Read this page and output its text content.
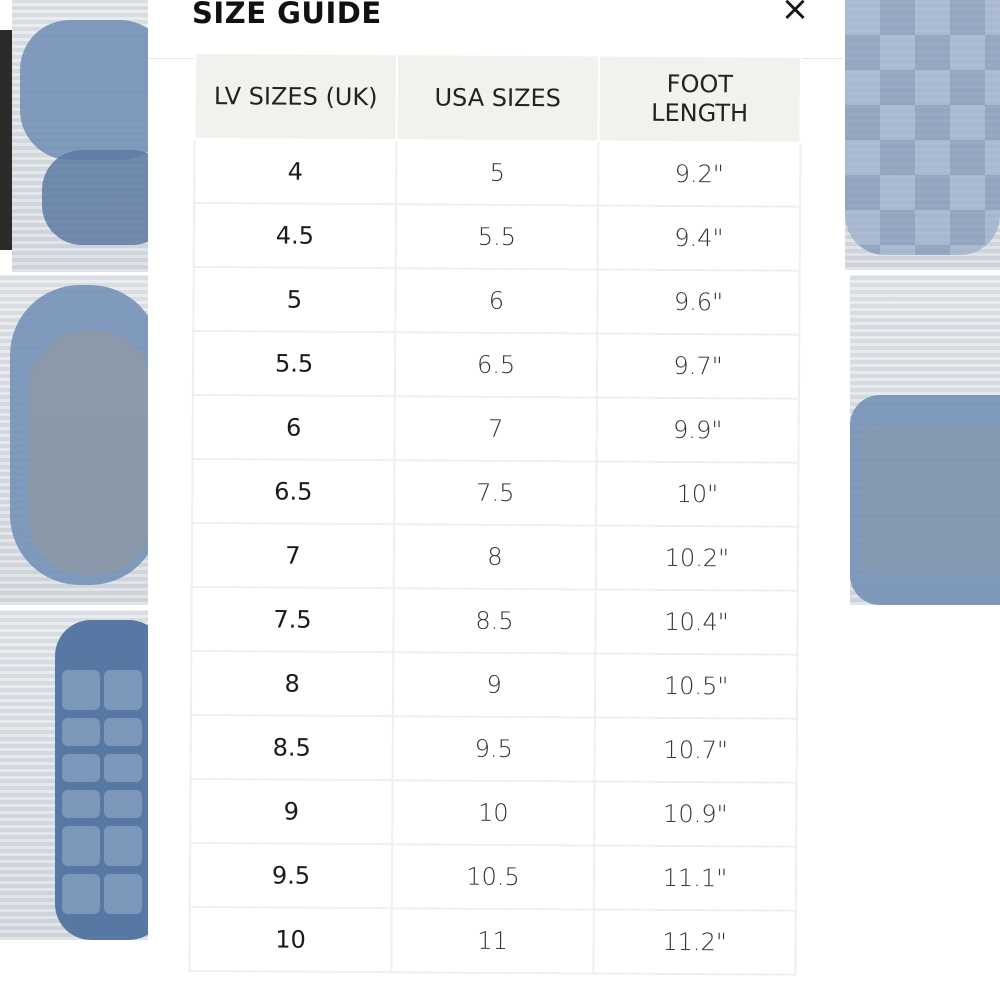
SIZE GUIDE	×
LV SIZES (UK)	USA SIZES	FOOT
LENGTH
4	5	9.2"
4.5	5.5	9.4"
5	6	9.6"
5.5	6.5	9.7"
6	7	9.9"
6.5	7.5	10"
7	8	10.2"
7.5	8.5	10.4"
8	9	10.5"
8.5	9.5	10.7"
9	10	10.9"
9.5	10.5	11.1"
10	11	11.2"
